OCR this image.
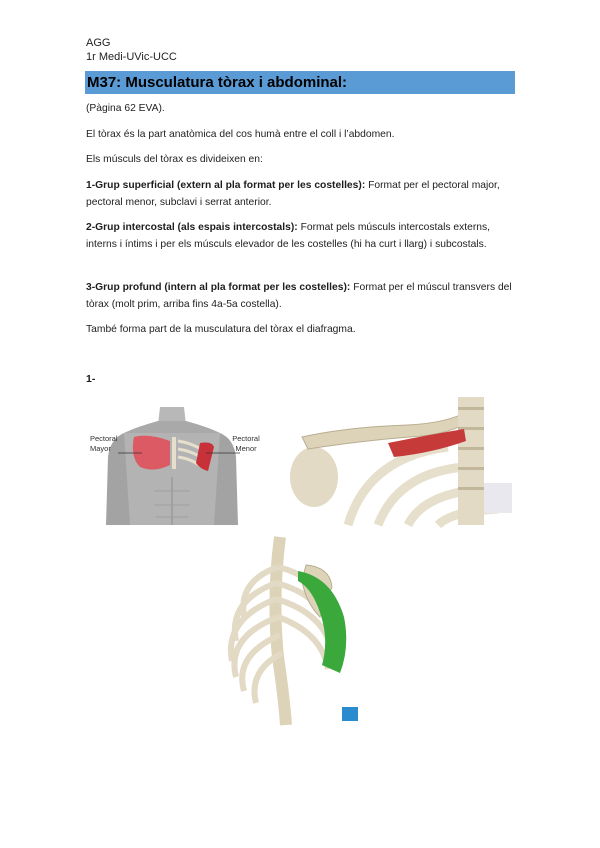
AGG
1r Medi-UVic-UCC
M37: Musculatura tòrax i abdominal:

(Pàgina 62 EVA).

El tòrax és la part anatòmica del cos humà entre el coll i l’abdomen.

Els músculs del tòrax es divideixen en:

1-Grup superficial (extern al pla format per les costelles): Format per el pectoral major, pectoral menor, subclavi i serrat anterior.

2-Grup intercostal (als espais intercostals): Format pels músculs intercostals externs, interns i íntims i per els músculs elevador de les costelles (hi ha curt i llarg) i subcostals.

3-Grup profund (intern al pla format per les costelles): Format per el múscul transvers del tòrax (molt prim, arriba fins 4a-5a costella).

També forma part de la musculatura del tòrax el diafragma.

1-
Pectoral
Mayor
Pectoral
Menor
